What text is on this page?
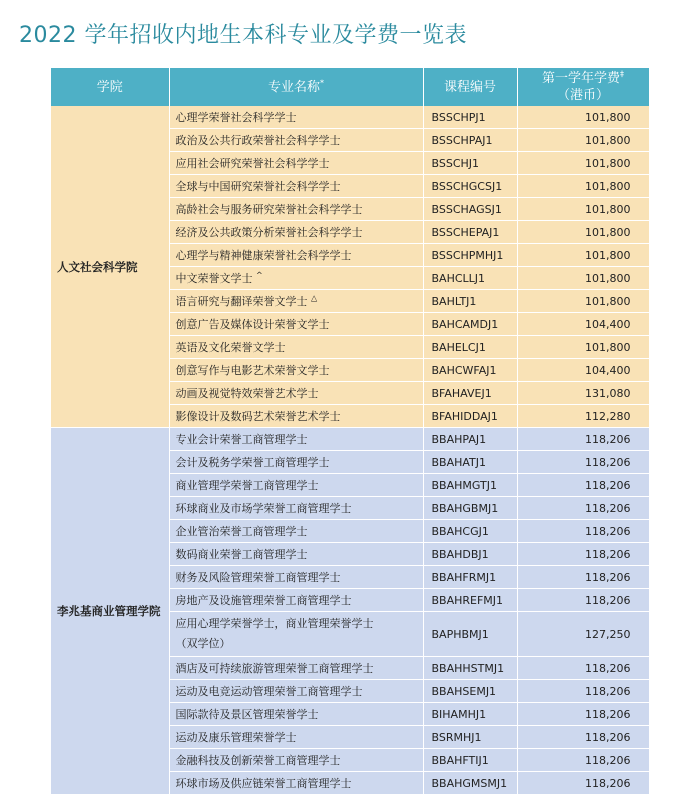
2022 学年招收内地生本科专业及学费一览表
学院	专业名称*	课程编号	第一学年学费‡
（港币）
人文社会科学院	心理学荣誉社会科学学士	BSSCHPJ1	101,800
	政治及公共行政荣誉社会科学学士	BSSCHPAJ1	101,800
	应用社会研究荣誉社会科学学士	BSSCHJ1	101,800
	全球与中国研究荣誉社会科学学士	BSSCHGCSJ1	101,800
	高龄社会与服务研究荣誉社会科学学士	BSSCHAGSJ1	101,800
	经济及公共政策分析荣誉社会科学学士	BSSCHEPAJ1	101,800
	心理学与精神健康荣誉社会科学学士	BSSCHPMHJ1	101,800
	中文荣誉文学士 ^	BAHCLLJ1	101,800
	语言研究与翻译荣誉文学士 △	BAHLTJ1	101,800
	创意广告及媒体设计荣誉文学士	BAHCAMDJ1	104,400
	英语及文化荣誉文学士	BAHELCJ1	101,800
	创意写作与电影艺术荣誉文学士	BAHCWFAJ1	104,400
	动画及视觉特效荣誉艺术学士	BFAHAVEJ1	131,080
	影像设计及数码艺术荣誉艺术学士	BFAHIDDAJ1	112,280
李兆基商业管理学院	专业会计荣誉工商管理学士	BBAHPAJ1	118,206
	会计及税务学荣誉工商管理学士	BBAHATJ1	118,206
	商业管理学荣誉工商管理学士	BBAHMGTJ1	118,206
	环球商业及市场学荣誉工商管理学士	BBAHGBMJ1	118,206
	企业管治荣誉工商管理学士	BBAHCGJ1	118,206
	数码商业荣誉工商管理学士	BBAHDBJ1	118,206
	财务及风险管理荣誉工商管理学士	BBAHFRMJ1	118,206
	房地产及设施管理荣誉工商管理学士	BBAHREFMJ1	118,206
	应用心理学荣誉学士，商业管理荣誉学士
（双学位）	BAPHBMJ1	127,250
	酒店及可持续旅游管理荣誉工商管理学士	BBAHHSTMJ1	118,206
	运动及电竞运动管理荣誉工商管理学士	BBAHSEMJ1	118,206
	国际款待及景区管理荣誉学士	BIHAMHJ1	118,206
	运动及康乐管理荣誉学士	BSRMHJ1	118,206
	金融科技及创新荣誉工商管理学士	BBAHFTIJ1	118,206
	环球市场及供应链荣誉工商管理学士	BBAHGMSMJ1	118,206
